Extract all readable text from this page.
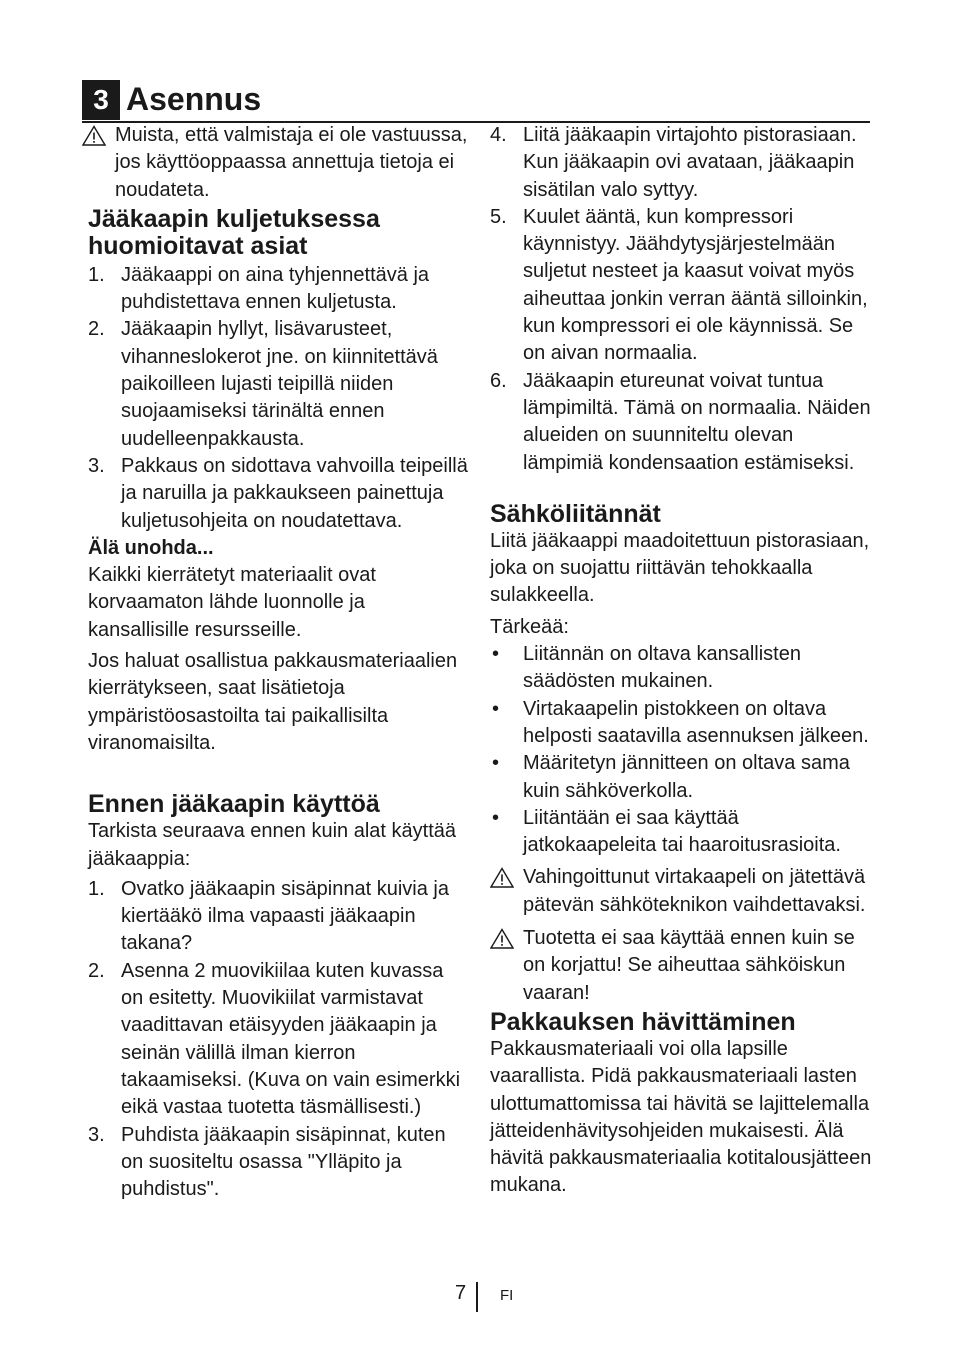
3 Asennus
Muista, että valmistaja ei ole vastuussa, jos käyttöoppaassa annettuja tietoja ei noudateta.
Jääkaapin kuljetuksessa huomioitavat asiat
1. Jääkaappi on aina tyhjennettävä ja puhdistettava ennen kuljetusta.
2. Jääkaapin hyllyt, lisävarusteet, vihanneslokerot jne. on kiinnitettävä paikoilleen lujasti teipillä niiden suojaamiseksi tärinältä ennen uudelleenpakkausta.
3. Pakkaus on sidottava vahvoilla teipeillä ja naruilla ja pakkaukseen painettuja kuljetusohjeita on noudatettava.
Älä unohda...

Kaikki kierrätetyt materiaalit ovat korvaamaton lähde luonnolle ja kansallisille resursseille.

Jos haluat osallistua pakkausmateriaalien kierrätykseen, saat lisätietoja ympäristöosastoilta tai paikallisilta viranomaisilta.

Ennen jääkaapin käyttöä

Tarkista seuraava ennen kuin alat käyttää jääkaappia:

1. Ovatko jääkaapin sisäpinnat kuivia ja kiertääkö ilma vapaasti jääkaapin takana?
2. Asenna 2 muovikiilaa kuten kuvassa on esitetty. Muovikiilat varmistavat vaadittavan etäisyyden jääkaapin ja seinän välillä ilman kierron takaamiseksi. (Kuva on vain esimerkki eikä vastaa tuotetta täsmällisesti.)
3. Puhdista jääkaapin sisäpinnat, kuten on suositeltu osassa "Ylläpito ja puhdistus".
4. Liitä jääkaapin virtajohto pistorasiaan. Kun jääkaapin ovi avataan, jääkaapin sisätilan valo syttyy.
5. Kuulet ääntä, kun kompressori käynnistyy. Jäähdytysjärjestelmään suljetut nesteet ja kaasut voivat myös aiheuttaa jonkin verran ääntä silloinkin, kun kompressori ei ole käynnissä. Se on aivan normaalia.
6. Jääkaapin etureunat voivat tuntua lämpimiltä. Tämä on normaalia. Näiden alueiden on suunniteltu olevan lämpimiä kondensaation estämiseksi.
Sähköliitännät

Liitä jääkaappi maadoitettuun pistorasiaan, joka on suojattu riittävän tehokkaalla sulakkeella.

Tärkeää:

•	Liitännän on oltava kansallisten säädösten mukainen.
•	Virtakaapelin pistokkeen on oltava helposti saatavilla asennuksen jälkeen.
•	Määritetyn jännitteen on oltava sama kuin sähköverkolla.
•	Liitäntään ei saa käyttää jatkokaapeleita tai haaroitusrasioita.
Vahingoittunut virtakaapeli on jätettävä pätevän sähköteknikon vaihdettavaksi.
Tuotetta ei saa käyttää ennen kuin se on korjattu! Se aiheuttaa sähköiskun vaaran!
Pakkauksen hävittäminen

Pakkausmateriaali voi olla lapsille vaarallista. Pidä pakkausmateriaali lasten ulottumattomissa tai hävitä se lajittelemalla jätteidenhävitysohjeiden mukaisesti. Älä hävitä pakkausmateriaalia kotitalousjätteen mukana.

7 FI
